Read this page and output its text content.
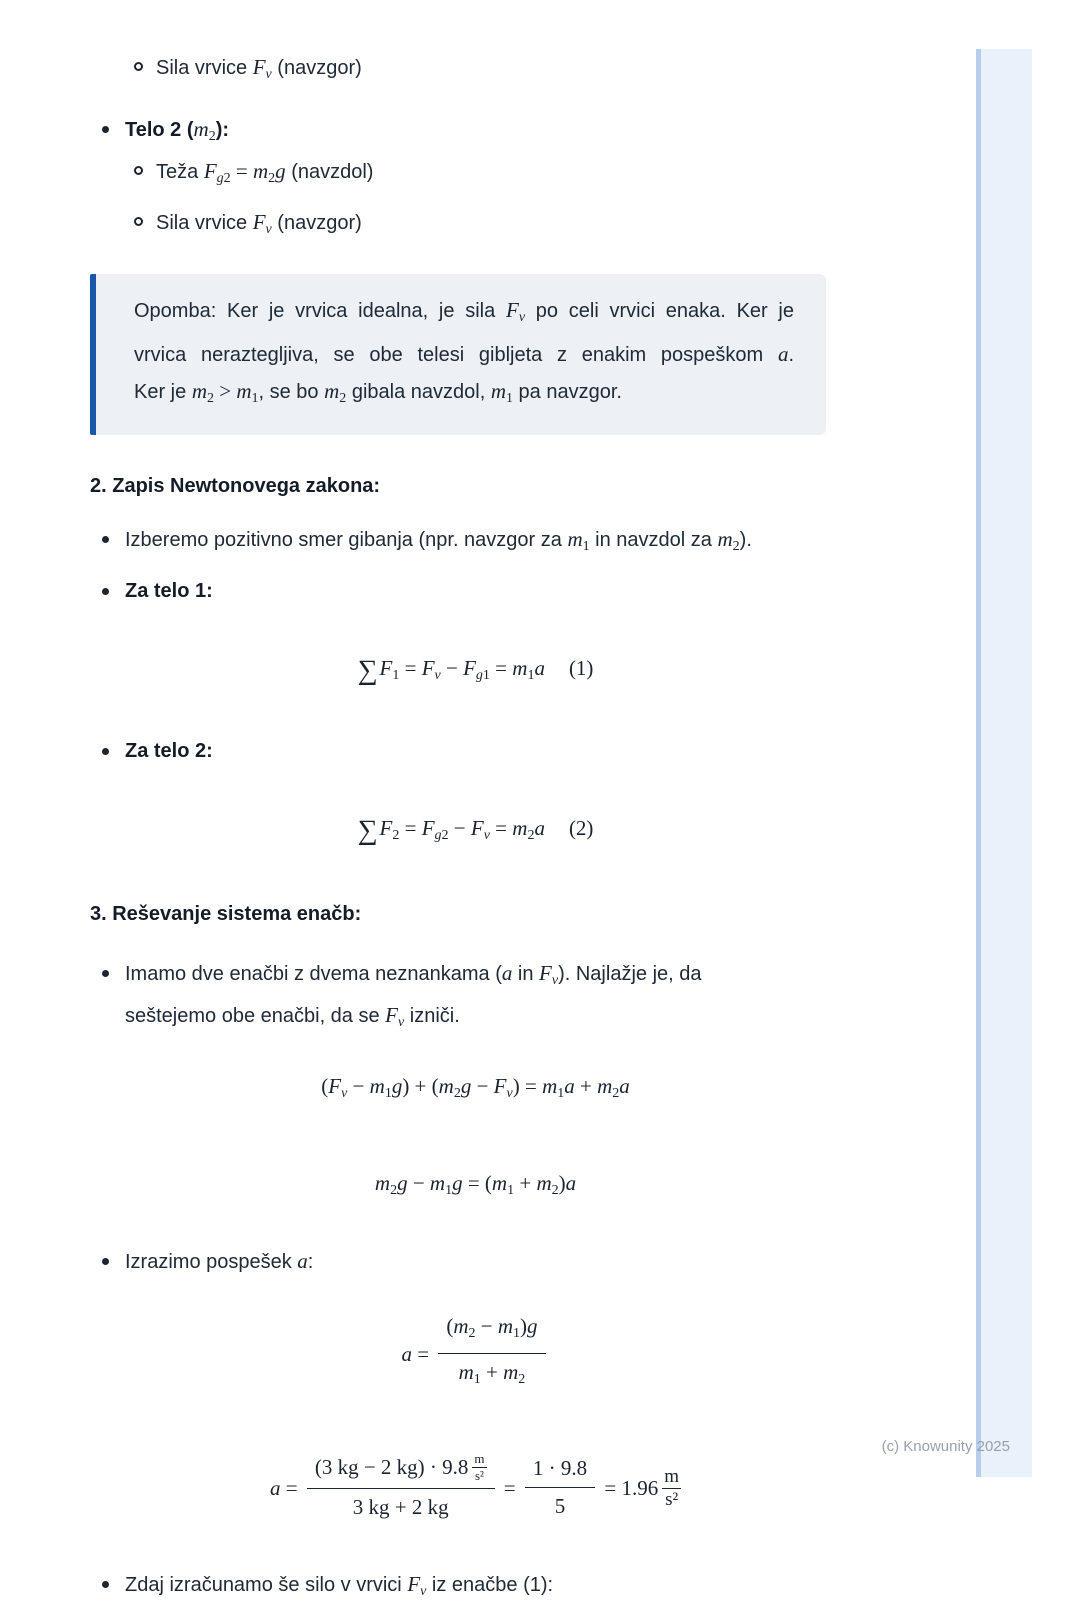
Sila vrvice $F_v$ (navzgor)
Telo 2 $(m_2)$:
Teža $F_{g2} = m_2g$ (navzdol)
Sila vrvice $F_v$ (navzgor)
Opomba: Ker je vrvica idealna, je sila $F_v$ po celi vrvici enaka. Ker je
vrvica neraztegljiva, se obe telesi gibljeta z enakim pospeškom a.
Ker je $m_2 > m_1$, se bo $m_2$ gibala navzdol, $m_1$ pa navzgor.
2. Zapis Newtonovega zakona:
Izberemo pozitivno smer gibanja (npr. navzgor za $m_1$ in navzdol za $m_2$).
Za telo 1:
∑F1 = Fv − Fg1 = m1a (1)
Za telo 2:
∑F2 = Fg2 − Fv = m2a (2)
3. Reševanje sistema enačb:
Imamo dve enačbi z dvema neznankama (a in $F_v$). Najlažje je, da
seštejemo obe enačbi, da se $F_v$ izniči.
(Fv − m1g) + (m2g − Fv) = m1a + m2a
m2g − m1g = (m1 + m2)a
Izrazimo pospešek a:
$a = \frac{(m2 - m1)g}{m1 + m2}$
$a = \frac{(3 kg - 2 kg) \cdot 9.8 \frac{m}{\text{s²}}}{3 kg + 2 kg} = \frac{1 \cdot 9.8}{5} = 1.96 \frac{m}{\text{s²}}$
Zdaj izračunamo še silo v vrvici $F_v$ iz enačbe (1):
(c) Knowunity 2025
